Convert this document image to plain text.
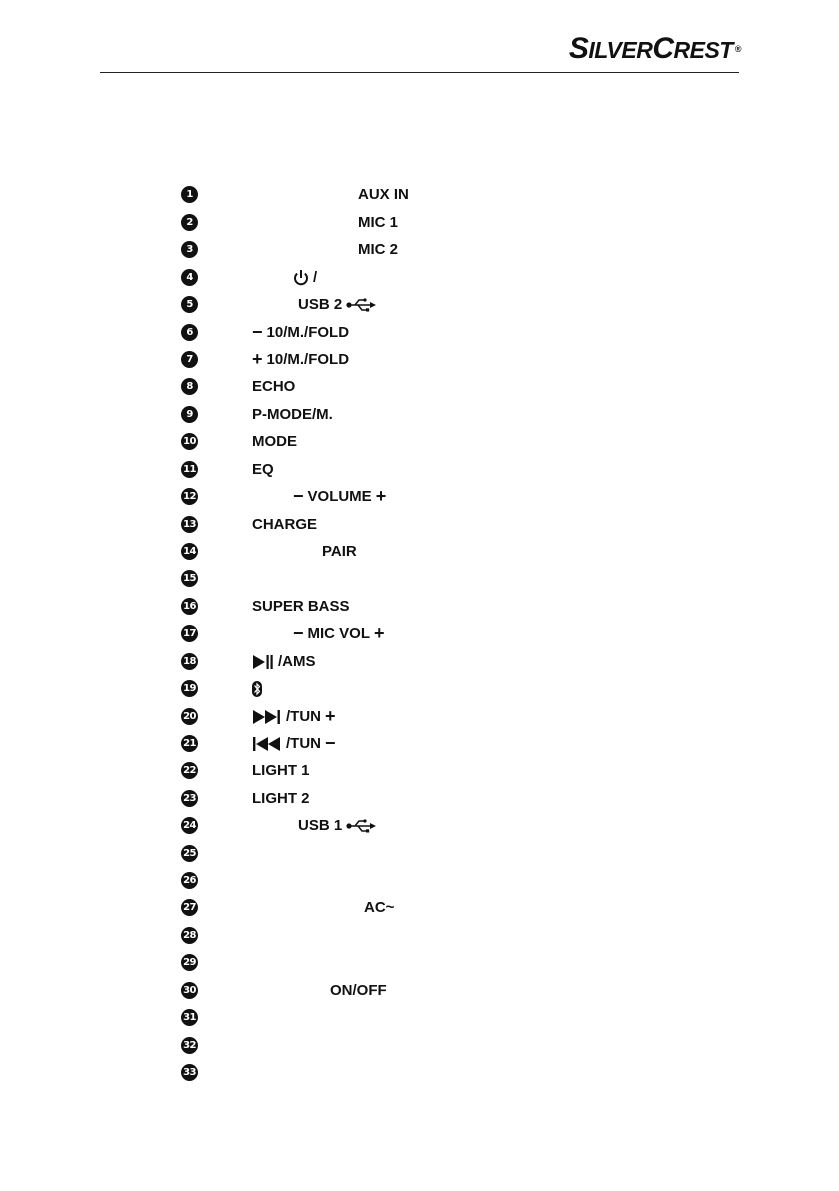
SILVERCREST ®
1	AUX IN
2	MIC 1
3	MIC 2
4	/
5	USB 2
6	− 10/M./FOLD
7	+ 10/M./FOLD
8	ECHO
9	P-MODE/M.
10	MODE
11	EQ
12	− VOLUME +
13	CHARGE
14	PAIR
15
16	SUPER BASS
17	− MIC VOL +
18	/AMS
19
20	/TUN +
21	/TUN −
22	LIGHT 1
23	LIGHT 2
24	USB 1
25
26
27	AC~
28
29
30	ON/OFF
31
32
33
